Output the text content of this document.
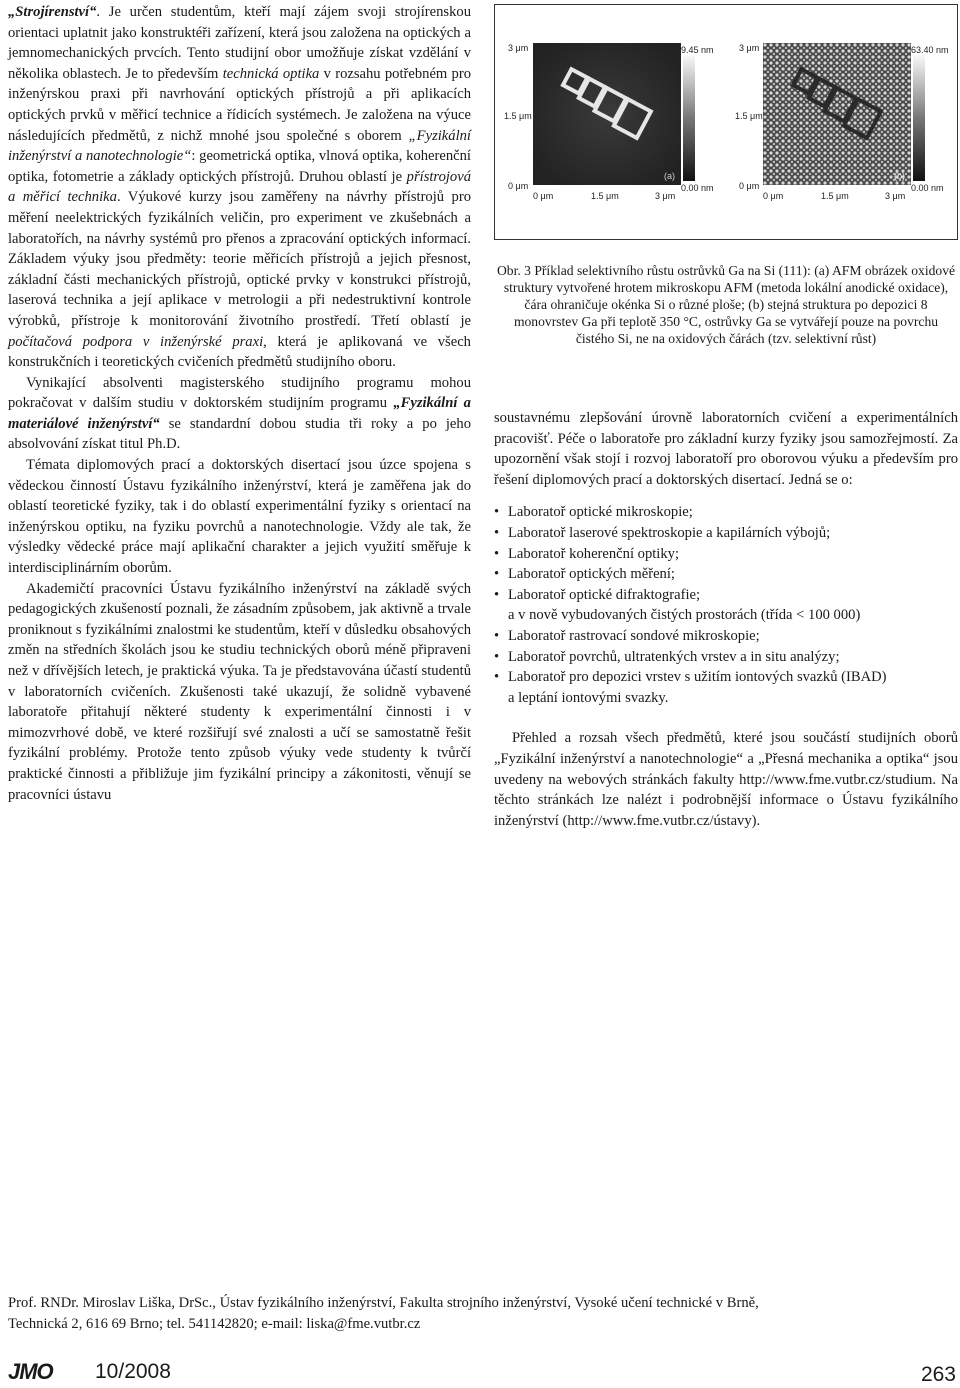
„Strojírenství“. Je určen studentům, kteří mají zájem svoji strojírenskou orientaci uplatnit jako konstruktéři zařízení, která jsou založena na optických a jemnomechanických prvcích. Tento studijní obor umožňuje získat vzdělání v několika oblastech. Je to především technická optika v rozsahu potřebném pro inženýrskou praxi při navrhování optických přístrojů a při aplikacích optických prvků v měřicí technice a řídicích systémech. Je založena na výuce následujících předmětů, z nichž mnohé jsou společné s oborem „Fyzikální inženýrství a nanotechnologie“: geometrická optika, vlnová optika, koherenční optika, fotometrie a základy optických přístrojů. Druhou oblastí je přístrojová a měřicí technika. Výukové kurzy jsou zaměřeny na návrhy přístrojů pro měření neelektrických fyzikálních veličin, pro experiment ve zkušebnách a laboratořích, na návrhy systémů pro přenos a zpracování optických informací. Základem výuky jsou předměty: teorie měřicích přístrojů a jejich přesnost, základní části mechanických přístrojů, optické prvky v konstrukci přístrojů, laserová technika a její aplikace v metrologii a při nedestruktivní kontrole výrobků, přístroje k monitorování životního prostředí. Třetí oblastí je počítačová podpora v inženýrské praxi, která je aplikovaná ve všech konstrukčních i teoretických cvičeních předmětů studijního oboru.

Vynikající absolventi magisterského studijního programu mohou pokračovat v dalším studiu v doktorském studijním programu „Fyzikální a materiálové inženýrství“ se standardní dobou studia tři roky a po jeho absolvování získat titul Ph.D.

Témata diplomových prací a doktorských disertací jsou úzce spojena s vědeckou činností Ústavu fyzikálního inženýrství, která je zaměřena jak do oblastí teoretické fyziky, tak i do oblastí experimentální fyziky s orientací na inženýrskou optiku, na fyziku povrchů a nanotechnologie. Vždy ale tak, že výsledky vědecké práce mají aplikační charakter a jejich využití směřuje k interdisciplinárním oborům.

Akademičtí pracovníci Ústavu fyzikálního inženýrství na základě svých pedagogických zkušeností poznali, že zásadním způsobem, jak aktivně a trvale proniknout s fyzikálními znalostmi ke studentům, kteří v důsledku obsahových změn na středních školách jsou ke studiu technických oborů méně připraveni než v dřívějších letech, je praktická výuka. Ta je představována účastí studentů v laboratorních cvičeních. Zkušenosti také ukazují, že solidně vybavené laboratoře přitahují některé studenty k experimentální činnosti i v mimozvrhové době, ve které rozšiřují své znalosti a učí se samostatně řešit fyzikální problémy. Protože tento způsob výuky vede studenty k tvůrčí praktické činnosti a přibližuje jim fyzikální principy a zákonitosti, věnují se pracovníci ústavu

3 μm
1.5 μm
0 μm
(a)
9.45 nm
0.00 nm
0 μm	1.5 μm	3 μm
3 μm
1.5 μm
0 μm
(b)
63.40 nm
0.00 nm
0 μm	1.5 μm	3 μm
Obr. 3 Příklad selektivního růstu ostrůvků Ga na Si (111): (a) AFM obrázek oxidové struktury vytvořené hrotem mikroskopu AFM (metoda lokální anodické oxidace), čára ohraničuje okénka Si o různé ploše; (b) stejná struktura po depozici 8 monovrstev Ga při teplotě 350 °C, ostrůvky Ga se vytvářejí pouze na povrchu čistého Si, ne na oxidových čárách (tzv. selektivní růst)

soustavnému zlepšování úrovně laboratorních cvičení a experimentálních pracovišť. Péče o laboratoře pro základní kurzy fyziky jsou samozřejmostí. Za upozornění však stojí i rozvoj laboratoří pro oborovou výuku a především pro řešení diplomových prací a doktorských disertací. Jedná se o:

• Laboratoř optické mikroskopie;
• Laboratoř laserové spektroskopie a kapilárních výbojů;
• Laboratoř koherenční optiky;
• Laboratoř optických měření;
• Laboratoř optické difraktografie;
a v nově vybudovaných čistých prostorách (třída < 100 000)
• Laboratoř rastrovací sondové mikroskopie;
• Laboratoř povrchů, ultratenkých vrstev a in situ analýzy;
• Laboratoř pro depozici vrstev s užitím iontových svazků (IBAD)
a leptání iontovými svazky.

Přehled a rozsah všech předmětů, které jsou součástí studijních oborů „Fyzikální inženýrství a nanotechnologie“ a „Přesná mechanika a optika“ jsou uvedeny na webových stránkách fakulty http://www.fme.vutbr.cz/studium. Na těchto stránkách lze nalézt i podrobnější informace o Ústavu fyzikálního inženýrství (http://www.fme.vutbr.cz/ústavy).

Prof. RNDr. Miroslav Liška, DrSc., Ústav fyzikálního inženýrství, Fakulta strojního inženýrství, Vysoké učení technické v Brně,
Technická 2, 616 69 Brno; tel. 541142820; e-mail: liska@fme.vutbr.cz
JMO 10/2008	263
